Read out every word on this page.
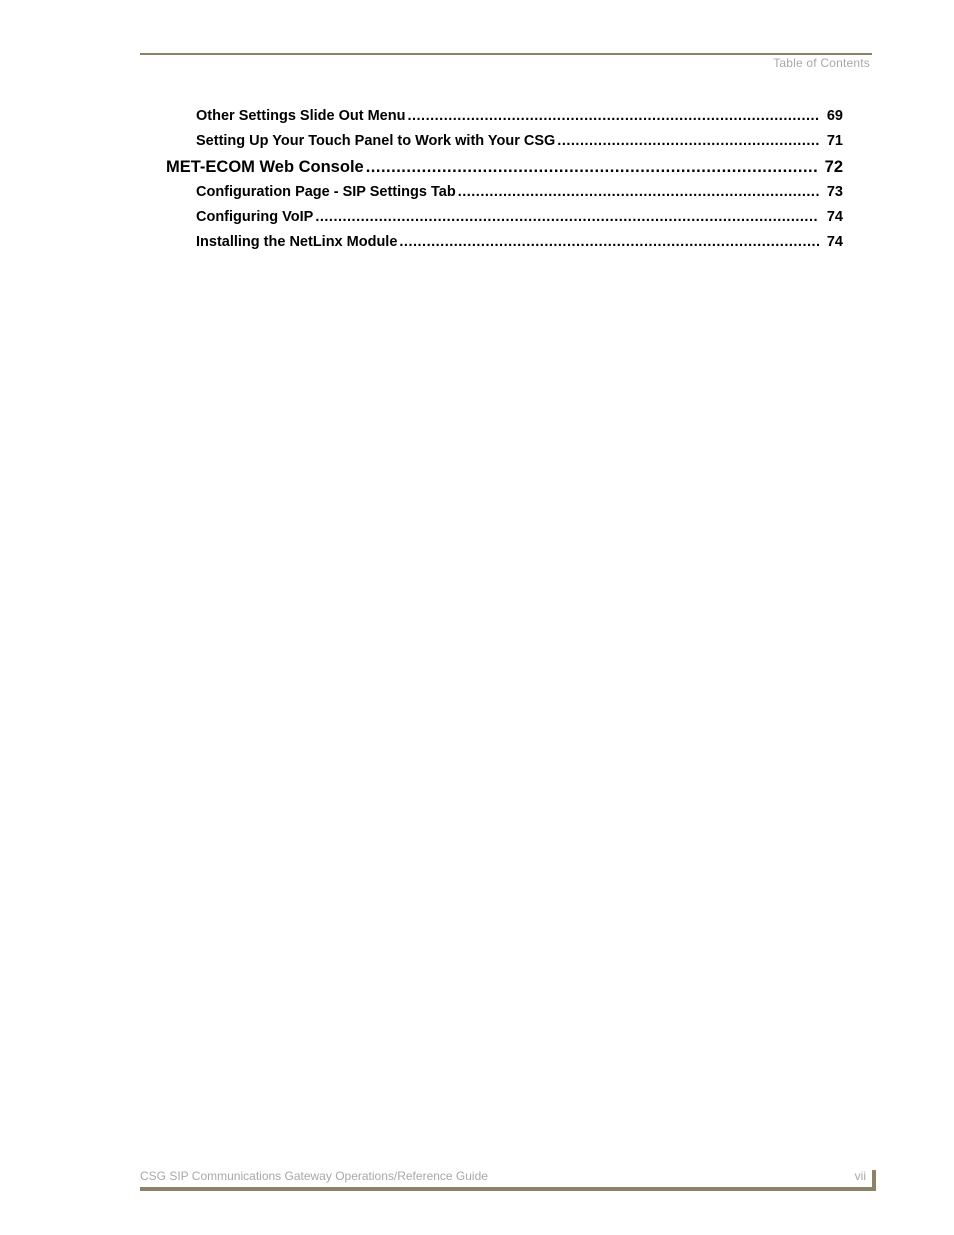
Table of Contents
Other Settings Slide Out Menu .....	69
Setting Up Your Touch Panel to Work with Your CSG .....	71
MET-ECOM Web Console .....	72
Configuration Page - SIP Settings Tab .....	73
Configuring VoIP .....	74
Installing the NetLinx Module .....	74
CSG SIP Communications Gateway Operations/Reference Guide	vii
